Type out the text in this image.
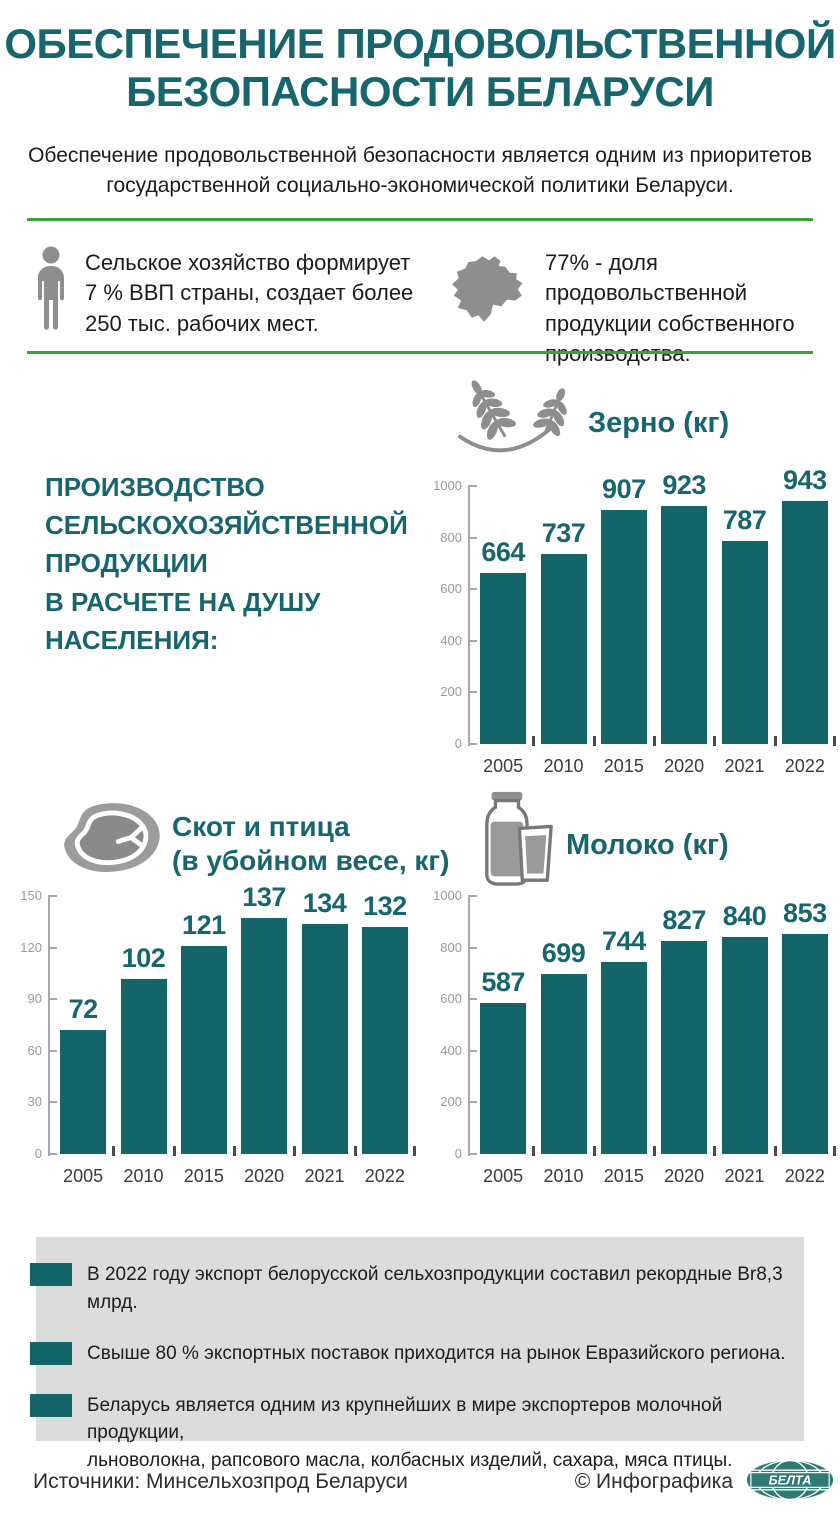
ОБЕСПЕЧЕНИЕ ПРОДОВОЛЬСТВЕННОЙ
БЕЗОПАСНОСТИ БЕЛАРУСИ
Обеспечение продовольственной безопасности является одним из приоритетов
государственной социально-экономической политики Беларуси.
Сельское хозяйство формирует
7 % ВВП страны, создает более
250 тыс. рабочих мест.
77% - доля продовольственной
продукции собственного

ПРОИЗВОДСТВО
СЕЛЬСКОХОЗЯЙСТВЕННОЙ
ПРОДУКЦИИ
В РАСЧЕТЕ НА ДУШУ
НАСЕЛЕНИЯ:
Зерно (кг)
0
200
400
600
800
1000
664
2005
737
2010
907
2015
923
2020
787
2021
943
2022
Скот и птица
(в убойном весе, кг)
0
30
60
90
120
150
72
2005
102
2010
121
2015
137
2020
134
2021
132
2022
Молоко (кг)
0
200
400
600
800
1000
587
2005
699
2010
744
2015
827
2020
840
2021
853
2022
В 2022 году экспорт белорусской сельхозпродукции составил рекордные Br8,3 млрд.
Свыше 80 % экспортных поставок приходится на рынок Евразийского региона.
Беларусь является одним из крупнейших в мире экспортеров молочной продукции,
льноволокна, рапсового масла, колбасных изделий, сахара, мяса птицы.
Источники: Минсельхозпрод Беларуси	© Инфографика	БЕЛТА
